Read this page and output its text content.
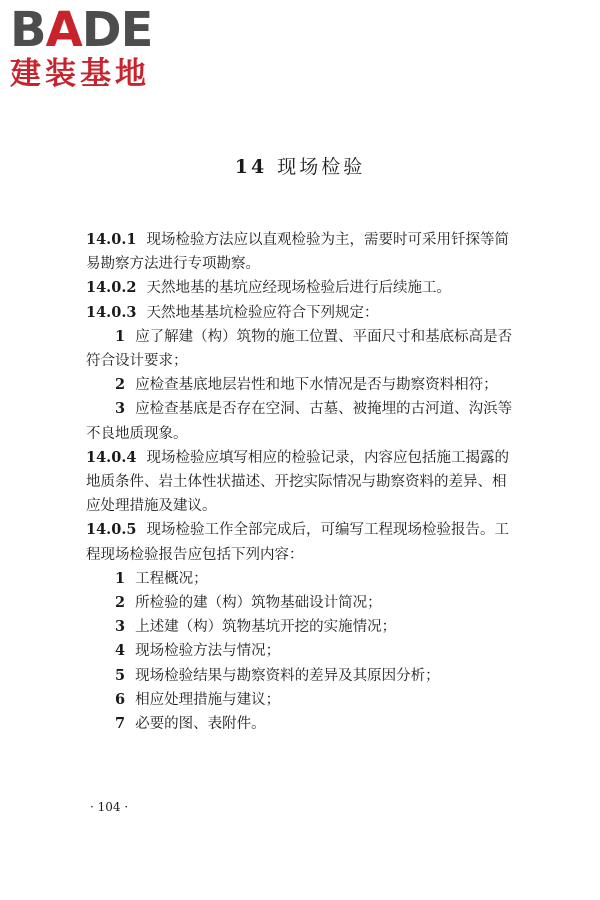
BADE
建装基地
14 现场检验

14.0.1 现场检验方法应以直观检验为主，需要时可采用钎探等简易勘察方法进行专项勘察。

14.0.2 天然地基的基坑应经现场检验后进行后续施工。

14.0.3 天然地基基坑检验应符合下列规定：

1 应了解建（构）筑物的施工位置、平面尺寸和基底标高是否符合设计要求；

2 应检查基底地层岩性和地下水情况是否与勘察资料相符；

3 应检查基底是否存在空洞、古墓、被掩埋的古河道、沟浜等不良地质现象。

14.0.4 现场检验应填写相应的检验记录，内容应包括施工揭露的地质条件、岩土体性状描述、开挖实际情况与勘察资料的差异、相应处理措施及建议。

14.0.5 现场检验工作全部完成后，可编写工程现场检验报告。工程现场检验报告应包括下列内容：

1 工程概况；

2 所检验的建（构）筑物基础设计简况；

3 上述建（构）筑物基坑开挖的实施情况；

4 现场检验方法与情况；

5 现场检验结果与勘察资料的差异及其原因分析；

6 相应处理措施与建议；

7 必要的图、表附件。

· 104 ·
